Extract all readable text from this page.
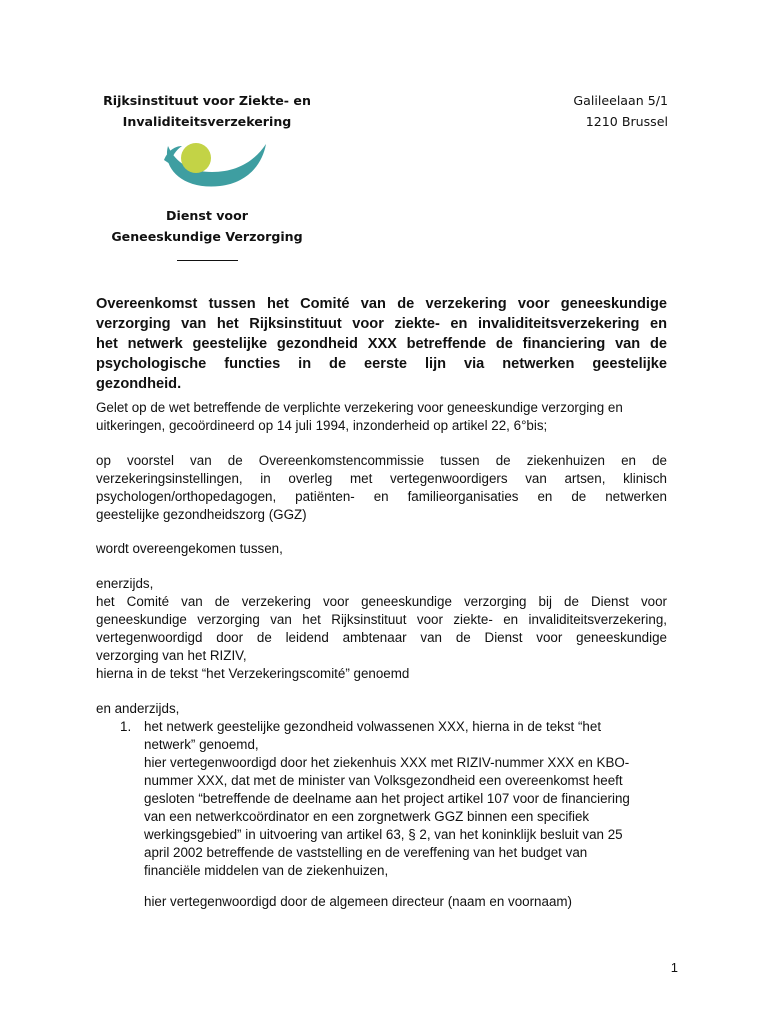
Rijksinstituut voor Ziekte- en
Invaliditeitsverzekering
Galileelaan 5/1
1210 Brussel
Dienst voor
Geneeskundige Verzorging
Overeenkomst tussen het Comité van de verzekering voor geneeskundige
verzorging van het Rijksinstituut voor ziekte- en invaliditeitsverzekering en
het netwerk geestelijke gezondheid XXX betreffende de financiering van de
psychologische functies in de eerste lijn via netwerken geestelijke
gezondheid.
Gelet op de wet betreffende de verplichte verzekering voor geneeskundige verzorging en
uitkeringen, gecoördineerd op 14 juli 1994, inzonderheid op artikel 22, 6°bis;
op voorstel van de Overeenkomstencommissie tussen de ziekenhuizen en de
verzekeringsinstellingen, in overleg met vertegenwoordigers van artsen, klinisch
psychologen/orthopedagogen, patiënten- en familieorganisaties en de netwerken
geestelijke gezondheidszorg (GGZ)
wordt overeengekomen tussen,
enerzijds,
het Comité van de verzekering voor geneeskundige verzorging bij de Dienst voor
geneeskundige verzorging van het Rijksinstituut voor ziekte- en invaliditeitsverzekering,
vertegenwoordigd door de leidend ambtenaar van de Dienst voor geneeskundige
verzorging van het RIZIV,
hierna in de tekst “het Verzekeringscomité” genoemd
en anderzijds,
1. het netwerk geestelijke gezondheid volwassenen XXX, hierna in de tekst “het
netwerk” genoemd,
hier vertegenwoordigd door het ziekenhuis XXX met RIZIV-nummer XXX en KBO-
nummer XXX, dat met de minister van Volksgezondheid een overeenkomst heeft
gesloten “betreffende de deelname aan het project artikel 107 voor de financiering
van een netwerkcoördinator en een zorgnetwerk GGZ binnen een specifiek
werkingsgebied” in uitvoering van artikel 63, § 2, van het koninklijk besluit van 25
april 2002 betreffende de vaststelling en de vereffening van het budget van
financiële middelen van de ziekenhuizen,
hier vertegenwoordigd door de algemeen directeur (naam en voornaam)
1
